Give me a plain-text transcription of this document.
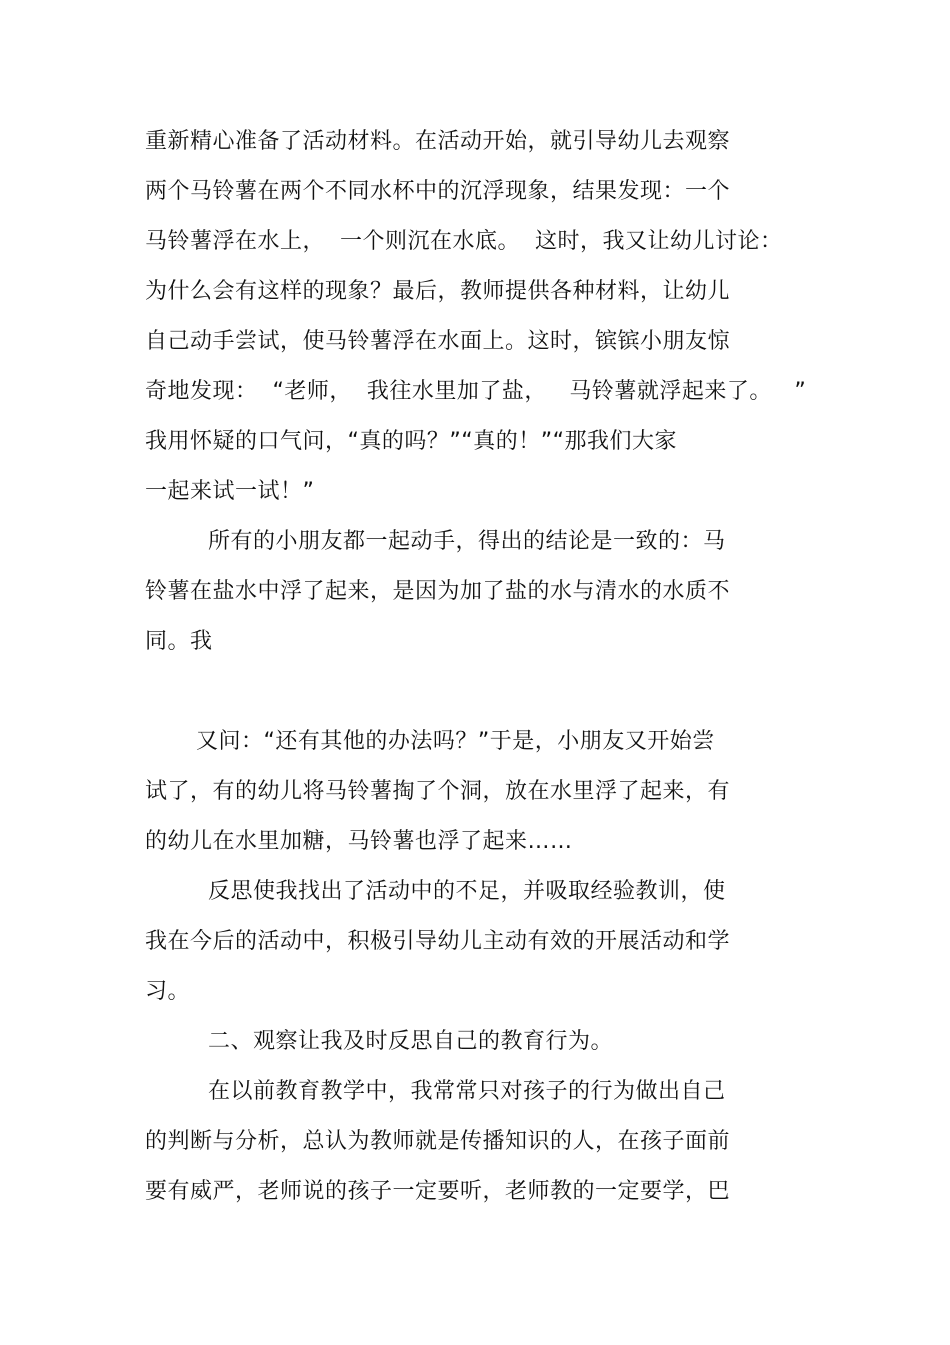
重新精心准备了活动材料。在活动开始，就引导幼儿去观察
两个马铃薯在两个不同水杯中的沉浮现象，结果发现：一个
马铃薯浮在水上，  一个则沉在水底。  这时，我又让幼儿讨论：
为什么会有这样的现象？最后，教师提供各种材料，让幼儿
自己动手尝试，使马铃薯浮在水面上。这时，镔镔小朋友惊
奇地发现：  “老师，  我往水里加了盐，   马铃薯就浮起来了。   ”
我用怀疑的口气问，“真的吗？”“真的！”“那我们大家
一起来试一试！”
所有的小朋友都一起动手，得出的结论是一致的：马
铃薯在盐水中浮了起来，是因为加了盐的水与清水的水质不
同。我
又问：“还有其他的办法吗？”于是，小朋友又开始尝
试了，有的幼儿将马铃薯掏了个洞，放在水里浮了起来，有
的幼儿在水里加糖，马铃薯也浮了起来……
反思使我找出了活动中的不足，并吸取经验教训，使
我在今后的活动中，积极引导幼儿主动有效的开展活动和学
习。
二、观察让我及时反思自己的教育行为。
在以前教育教学中，我常常只对孩子的行为做出自己
的判断与分析，总认为教师就是传播知识的人，在孩子面前
要有威严，老师说的孩子一定要听，老师教的一定要学，巴
